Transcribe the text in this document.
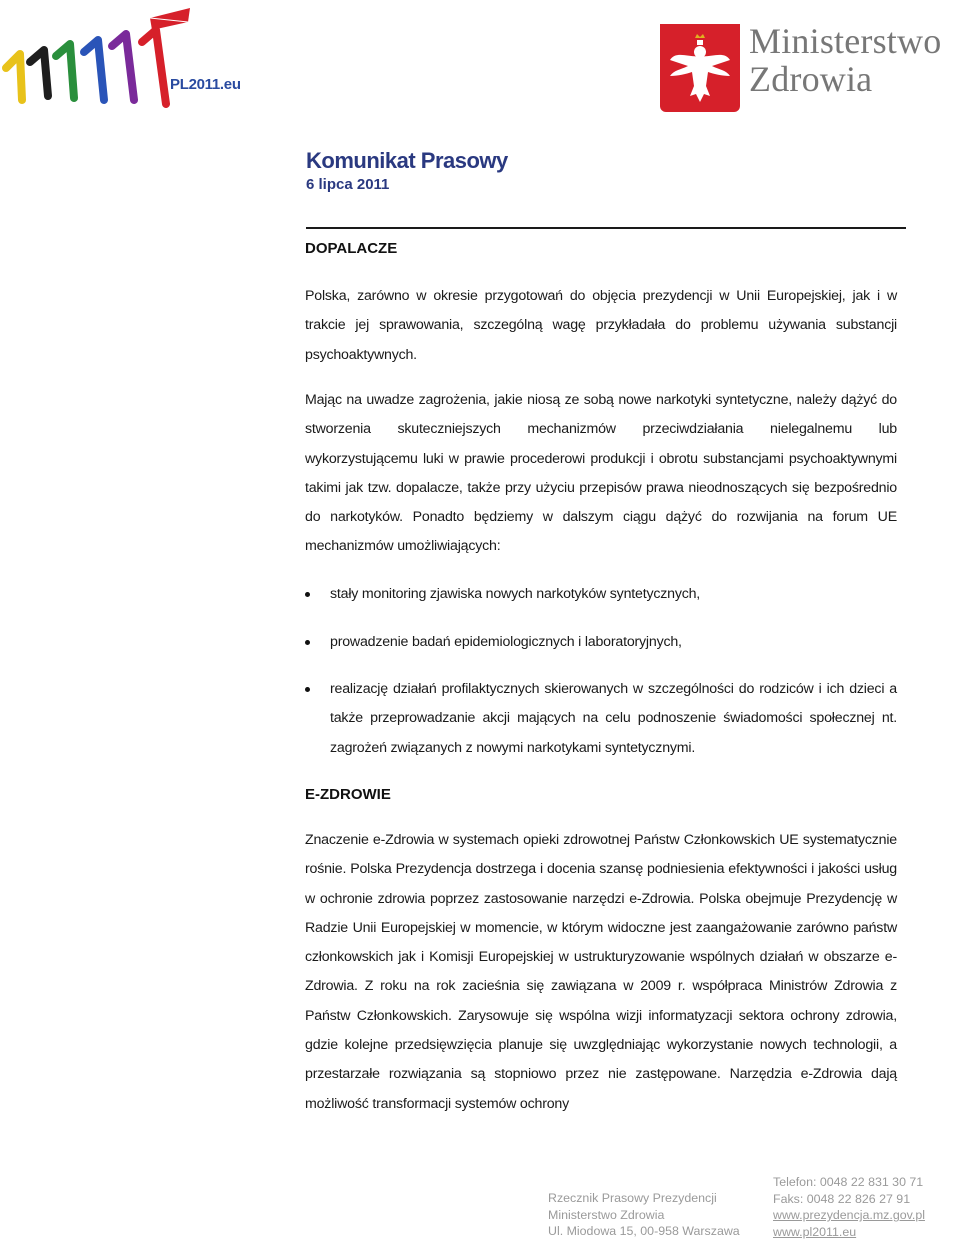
PL2011.eu
Ministerstwo
Zdrowia
Komunikat Prasowy
6 lipca 2011
DOPALACZE

Polska, zarówno w okresie przygotowań do objęcia prezydencji w Unii Europejskiej, jak i w trakcie jej sprawowania, szczególną wagę przykładała do problemu używania substancji psychoaktywnych.

Mając na uwadze zagrożenia, jakie niosą ze sobą nowe narkotyki syntetyczne, należy dążyć do stworzenia skuteczniejszych mechanizmów przeciwdziałania nielegalnemu lub wykorzystującemu luki w prawie procederowi produkcji i obrotu substancjami psychoaktywnymi takimi jak tzw. dopalacze, także przy użyciu przepisów prawa nieodnoszących się bezpośrednio do narkotyków. Ponadto będziemy w dalszym ciągu dążyć do rozwijania na forum UE mechanizmów umożliwiających:

stały monitoring zjawiska nowych narkotyków syntetycznych,
prowadzenie badań epidemiologicznych i laboratoryjnych,
realizację działań profilaktycznych skierowanych w szczególności do rodziców i ich dzieci a także przeprowadzanie akcji mających na celu podnoszenie świadomości społecznej nt. zagrożeń związanych z nowymi narkotykami syntetycznymi.
E-ZDROWIE

Znaczenie e-Zdrowia w systemach opieki zdrowotnej Państw Członkowskich UE systematycznie rośnie. Polska Prezydencja dostrzega i docenia szansę podniesienia efektywności i jakości usług w ochronie zdrowia poprzez zastosowanie narzędzi e-Zdrowia. Polska obejmuje Prezydencję w Radzie Unii Europejskiej w momencie, w którym widoczne jest zaangażowanie zarówno państw członkowskich jak i Komisji Europejskiej w ustrukturyzowanie wspólnych działań w obszarze e-Zdrowia. Z roku na rok zacieśnia się zawiązana w 2009 r. współpraca Ministrów Zdrowia z Państw Członkowskich. Zarysowuje się wspólna wizji informatyzacji sektora ochrony zdrowia, gdzie kolejne przedsięwzięcia planuje się uwzględniając wykorzystanie nowych technologii, a przestarzałe rozwiązania są stopniowo przez nie zastępowane. Narzędzia e-Zdrowia dają możliwość transformacji systemów ochrony

Rzecznik Prasowy Prezydencji
Ministerstwo Zdrowia
Ul. Miodowa 15, 00-958 Warszawa
Telefon: 0048 22 831 30 71
Faks: 0048 22 826 27 91
www.prezydencja.mz.gov.pl
www.pl2011.eu
